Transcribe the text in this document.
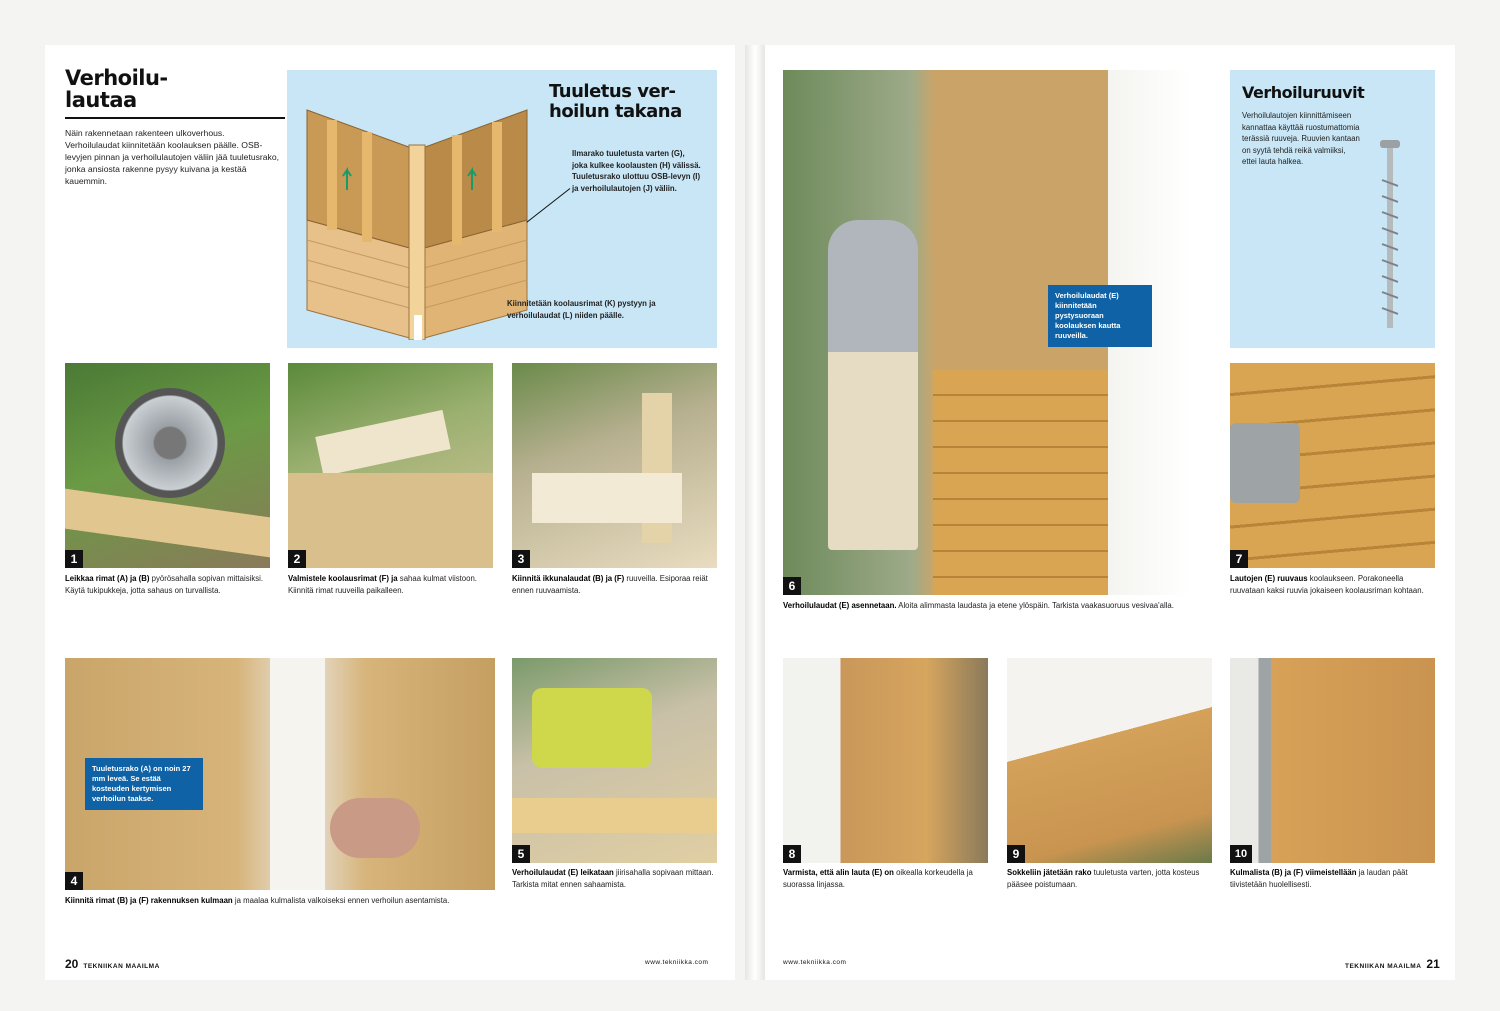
Verhoilu-
lautaa
Näin rakennetaan rakenteen ulkoverhous. Verhoilulaudat kiinnitetään koolauksen päälle. OSB-levyjen pinnan ja verhoilulautojen väliin jää tuuletusrako, jonka ansiosta rakenne pysyy kuivana ja kestää kauemmin.
Tuuletus ver-
hoilun takana
Ilmarako tuuletusta varten (G), joka kulkee koolausten (H) välissä. Tuuletusrako ulottuu OSB-levyn (I) ja verhoilulautojen (J) väliin.
Kiinnitetään koolausrimat (K) pystyyn ja verhoilulaudat (L) niiden päälle.
1	2	3
Leikkaa rimat (A) ja (B) pyörösahalla sopivan mittaisiksi. Käytä tukipukkeja, jotta sahaus on turvallista.
Valmistele koolausrimat (F) ja sahaa kulmat viistoon. Kiinnitä rimat ruuveilla paikalleen.
Kiinnitä ikkunalaudat (B) ja (F) ruuveilla. Esiporaa reiät ennen ruuvaamista.
Tuuletusrako (A) on noin 27 mm leveä. Se estää kosteuden kertymisen verhoilun taakse.
4
5
Kiinnitä rimat (B) ja (F) rakennuksen kulmaan ja maalaa kulmalista valkoiseksi ennen verhoilun asentamista.
Verhoilulaudat (E) leikataan jiirisahalla sopivaan mittaan. Tarkista mitat ennen sahaamista.
20 TEKNIIKAN MAAILMA
www.tekniikka.com
Verhoilulaudat (E) kiinnitetään pystysuoraan koolauksen kautta ruuveilla.
6
Verhoiluruuvit
Verhoilulautojen kiinnittämiseen kannattaa käyttää ruostumattomia terässiä ruuveja. Ruuvien kantaan on syytä tehdä reikä valmiiksi, ettei lauta halkea.
7
Verhoilulaudat (E) asennetaan. Aloita alimmasta laudasta ja etene ylöspäin. Tarkista vaakasuoruus vesivaa'alla.
Lautojen (E) ruuvaus koolaukseen. Porakoneella ruuvataan kaksi ruuvia jokaiseen koolausriman kohtaan.
8	9	10
Varmista, että alin lauta (E) on oikealla korkeudella ja suorassa linjassa.
Sokkeliin jätetään rako tuuletusta varten, jotta kosteus pääsee poistumaan.
Kulmalista (B) ja (F) viimeistellään ja laudan päät tiivistetään huolellisesti.
www.tekniikka.com
TEKNIIKAN MAAILMA 21
